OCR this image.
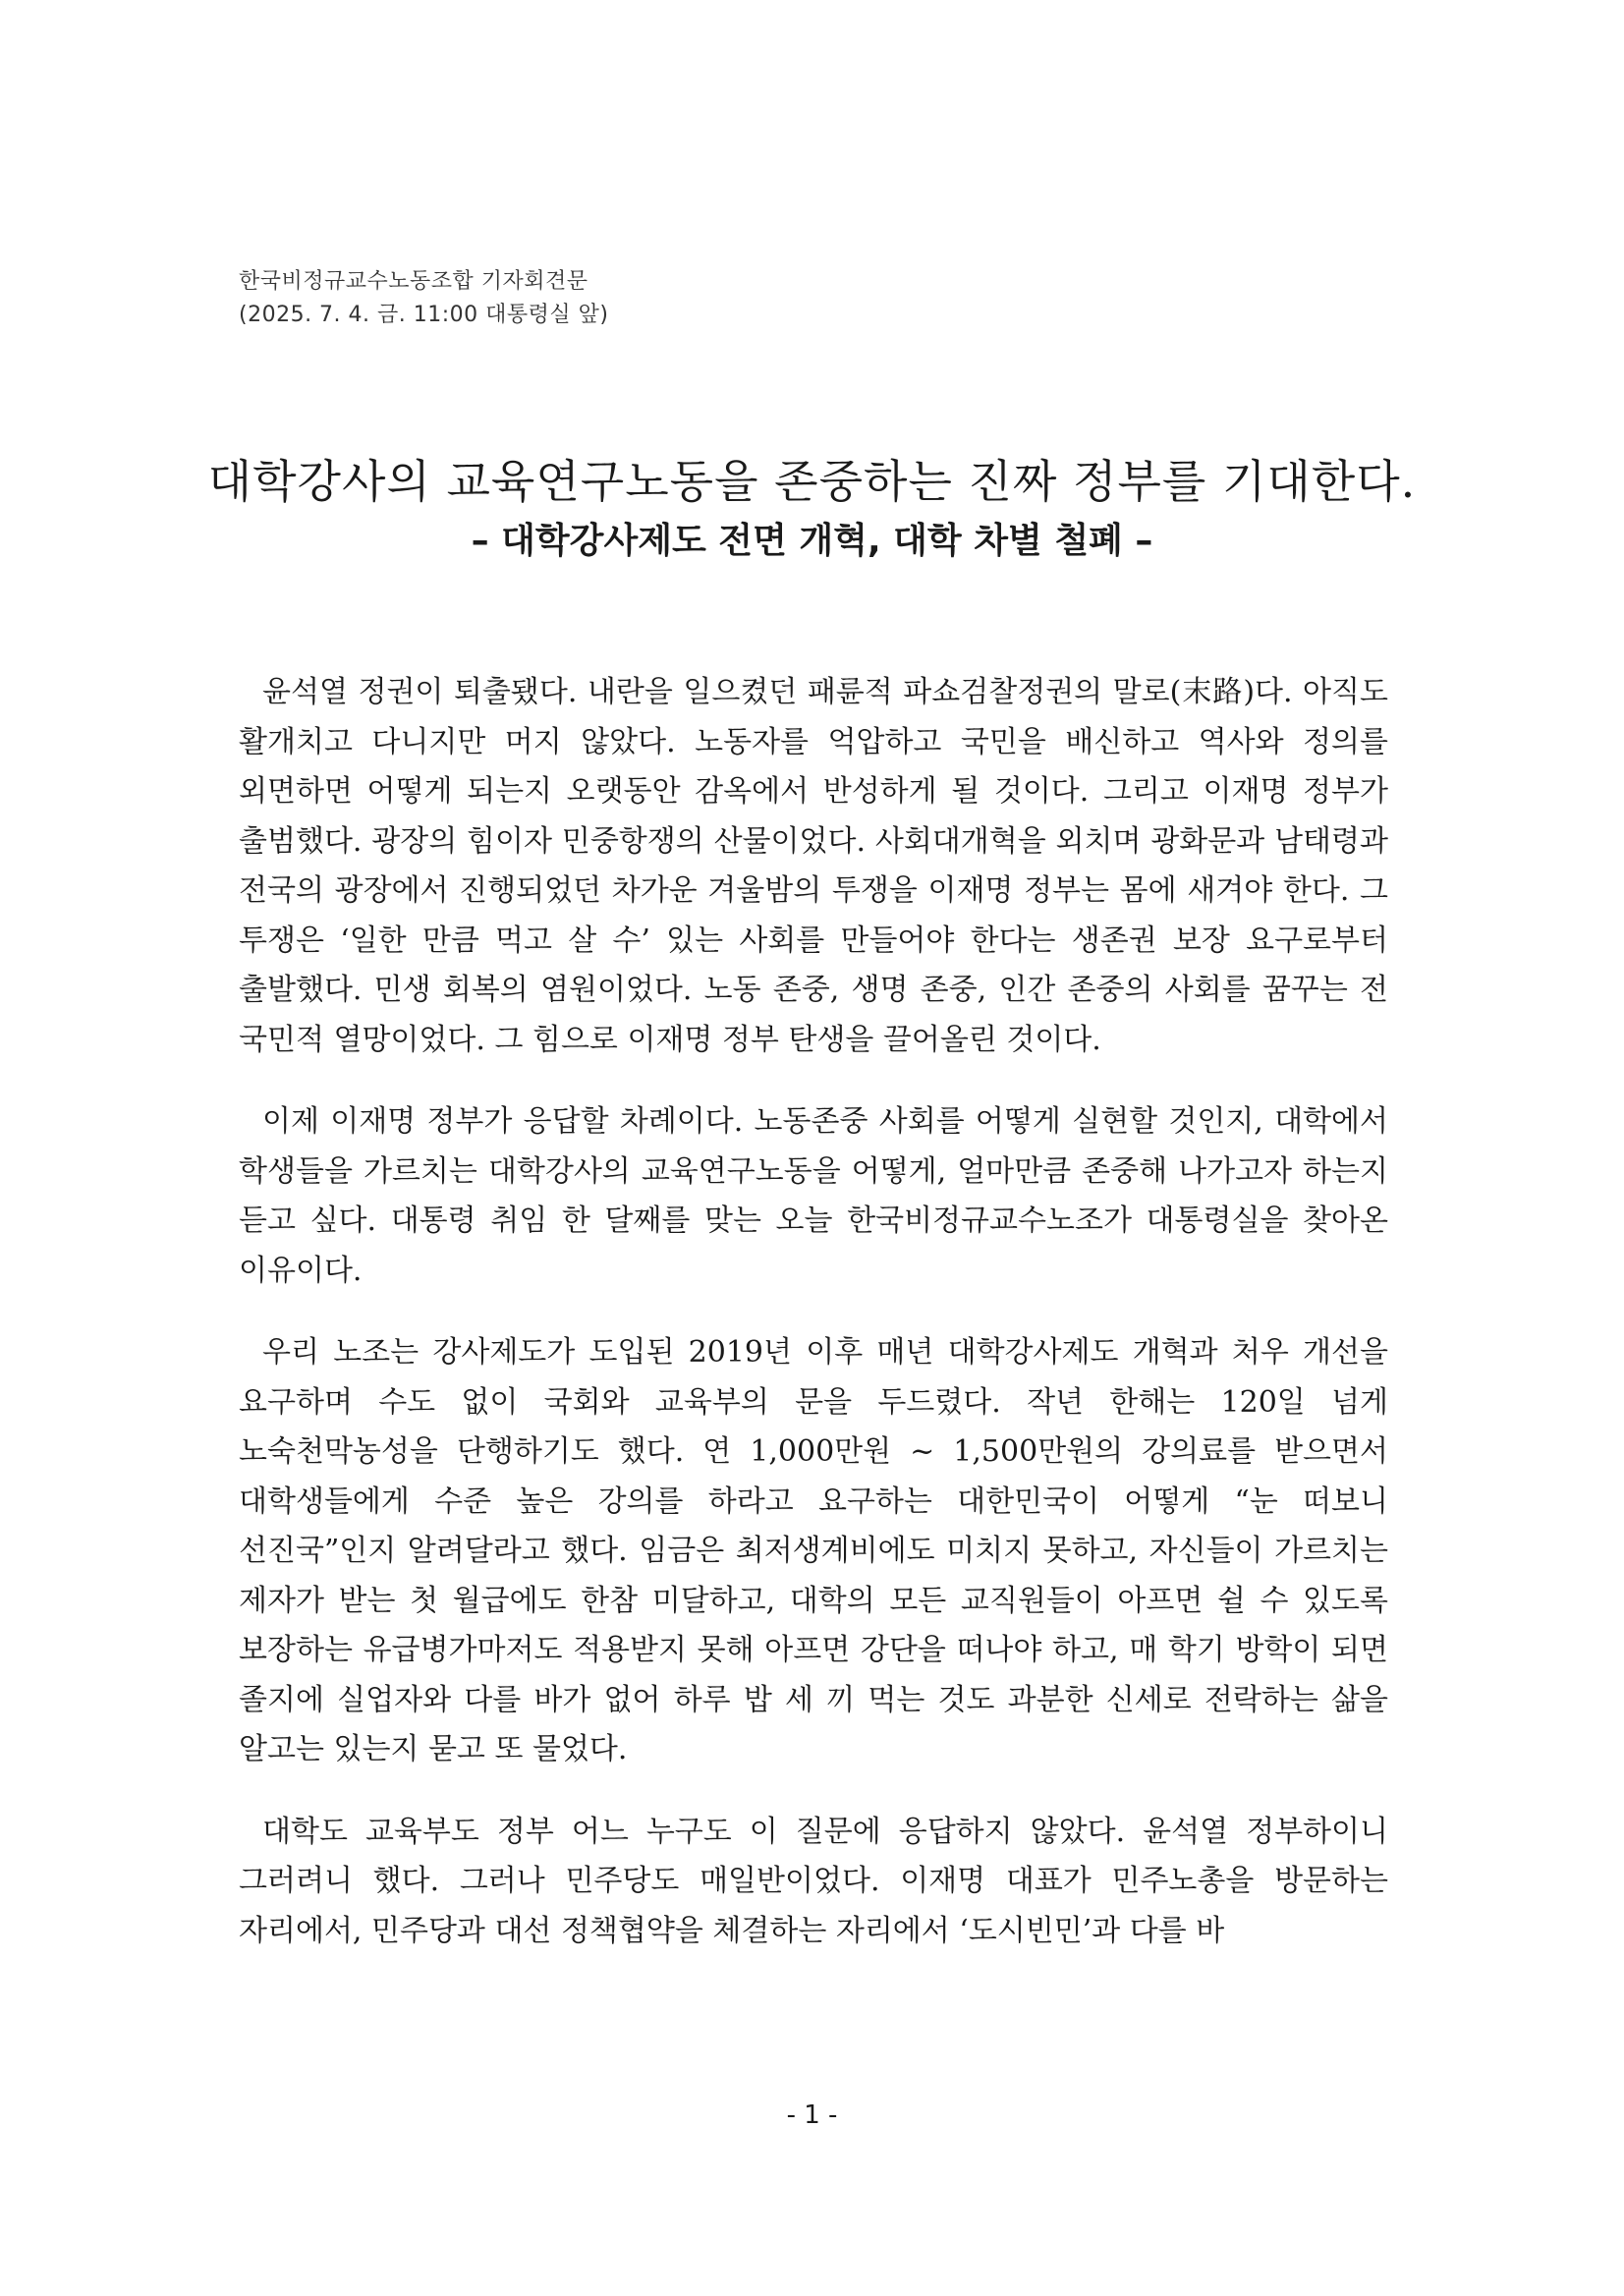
한국비정규교수노동조합 기자회견문
(2025. 7. 4. 금. 11:00 대통령실 앞)
대학강사의 교육연구노동을 존중하는 진짜 정부를 기대한다.
– 대학강사제도 전면 개혁, 대학 차별 철폐 –

윤석열 정권이 퇴출됐다. 내란을 일으켰던 패륜적 파쇼검찰정권의 말로(末路)다. 아직도 활개치고 다니지만 머지 않았다. 노동자를 억압하고 국민을 배신하고 역사와 정의를 외면하면 어떻게 되는지 오랫동안 감옥에서 반성하게 될 것이다. 그리고 이재명 정부가 출범했다. 광장의 힘이자 민중항쟁의 산물이었다. 사회대개혁을 외치며 광화문과 남태령과 전국의 광장에서 진행되었던 차가운 겨울밤의 투쟁을 이재명 정부는 몸에 새겨야 한다. 그 투쟁은 ‘일한 만큼 먹고 살 수’ 있는 사회를 만들어야 한다는 생존권 보장 요구로부터 출발했다. 민생 회복의 염원이었다. 노동 존중, 생명 존중, 인간 존중의 사회를 꿈꾸는 전 국민적 열망이었다. 그 힘으로 이재명 정부 탄생을 끌어올린 것이다.

이제 이재명 정부가 응답할 차례이다. 노동존중 사회를 어떻게 실현할 것인지, 대학에서 학생들을 가르치는 대학강사의 교육연구노동을 어떻게, 얼마만큼 존중해 나가고자 하는지 듣고 싶다. 대통령 취임 한 달째를 맞는 오늘 한국비정규교수노조가 대통령실을 찾아온 이유이다.

우리 노조는 강사제도가 도입된 2019년 이후 매년 대학강사제도 개혁과 처우 개선을 요구하며 수도 없이 국회와 교육부의 문을 두드렸다. 작년 한해는 120일 넘게 노숙천막농성을 단행하기도 했다. 연 1,000만원 ~ 1,500만원의 강의료를 받으면서 대학생들에게 수준 높은 강의를 하라고 요구하는 대한민국이 어떻게 “눈 떠보니 선진국”인지 알려달라고 했다. 임금은 최저생계비에도 미치지 못하고, 자신들이 가르치는 제자가 받는 첫 월급에도 한참 미달하고, 대학의 모든 교직원들이 아프면 쉴 수 있도록 보장하는 유급병가마저도 적용받지 못해 아프면 강단을 떠나야 하고, 매 학기 방학이 되면 졸지에 실업자와 다를 바가 없어 하루 밥 세 끼 먹는 것도 과분한 신세로 전락하는 삶을 알고는 있는지 묻고 또 물었다.

대학도 교육부도 정부 어느 누구도 이 질문에 응답하지 않았다. 윤석열 정부하이니 그러려니 했다. 그러나 민주당도 매일반이었다. 이재명 대표가 민주노총을 방문하는 자리에서, 민주당과 대선 정책협약을 체결하는 자리에서 ‘도시빈민’과 다를 바

- 1 -
